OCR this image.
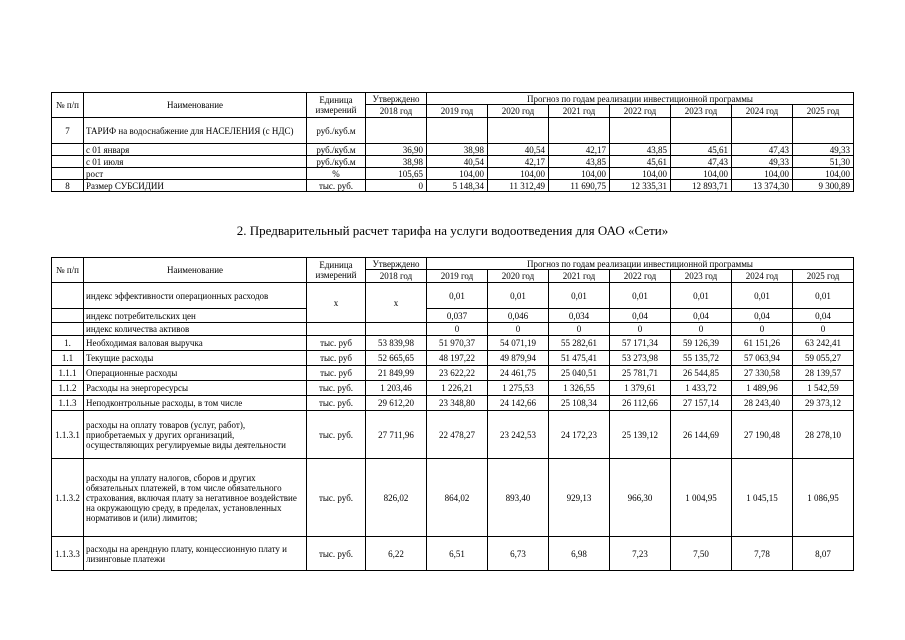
№ п/п	Наименование	Единица измерений	Утверждено	Прогноз по годам реализации инвестиционной программы						
			2018 год	2019 год	2020 год	2021 год	2022 год	2023 год	2024 год	2025 год
7	ТАРИФ на водоснабжение для НАСЕЛЕНИЯ (с НДС)	руб./куб.м								
	с 01 января	руб./куб.м	36,90	38,98	40,54	42,17	43,85	45,61	47,43	49,33
	с 01 июля	руб./куб.м	38,98	40,54	42,17	43,85	45,61	47,43	49,33	51,30
	рост	%	105,65	104,00	104,00	104,00	104,00	104,00	104,00	104,00
8	Размер СУБСИДИИ	тыс. руб.	0	5 148,34	11 312,49	11 690,75	12 335,31	12 893,71	13 374,30	9 300,89
2. Предварительный расчет тарифа на услуги водоотведения для ОАО «Сети»
№ п/п	Наименование	Единица измерений	Утверждено	Прогноз по годам реализации инвестиционной программы						
			2018 год	2019 год	2020 год	2021 год	2022 год	2023 год	2024 год	2025 год
	индекс эффективности операционных расходов	х	х	0,01	0,01	0,01	0,01	0,01	0,01	0,01
	индекс потребительских цен			0,037	0,046	0,034	0,04	0,04	0,04	0,04
	индекс количества активов			0	0	0	0	0	0	0
1.	Необходимая валовая выручка	тыс. руб	53 839,98	51 970,37	54 071,19	55 282,61	57 171,34	59 126,39	61 151,26	63 242,41
1.1	Текущие расходы	тыс. руб	52 665,65	48 197,22	49 879,94	51 475,41	53 273,98	55 135,72	57 063,94	59 055,27
1.1.1	Операционные расходы	тыс. руб	21 849,99	23 622,22	24 461,75	25 040,51	25 781,71	26 544,85	27 330,58	28 139,57
1.1.2	Расходы на энергоресурсы	тыс. руб.	1 203,46	1 226,21	1 275,53	1 326,55	1 379,61	1 433,72	1 489,96	1 542,59
1.1.3	Неподконтрольные расходы, в том числе	тыс. руб.	29 612,20	23 348,80	24 142,66	25 108,34	26 112,66	27 157,14	28 243,40	29 373,12
1.1.3.1	расходы на оплату товаров (услуг, работ), приобретаемых у других организаций, осуществляющих регулируемые виды деятельности	тыс. руб.	27 711,96	22 478,27	23 242,53	24 172,23	25 139,12	26 144,69	27 190,48	28 278,10
1.1.3.2	расходы на уплату налогов, сборов и других обязательных платежей, в том числе обязательного страхования, включая плату за негативное воздействие на окружающую среду, в пределах, установленных нормативов и (или) лимитов;	тыс. руб.	826,02	864,02	893,40	929,13	966,30	1 004,95	1 045,15	1 086,95
1.1.3.3	расходы на арендную плату, концессионную плату и лизинговые платежи	тыс. руб.	6,22	6,51	6,73	6,98	7,23	7,50	7,78	8,07
